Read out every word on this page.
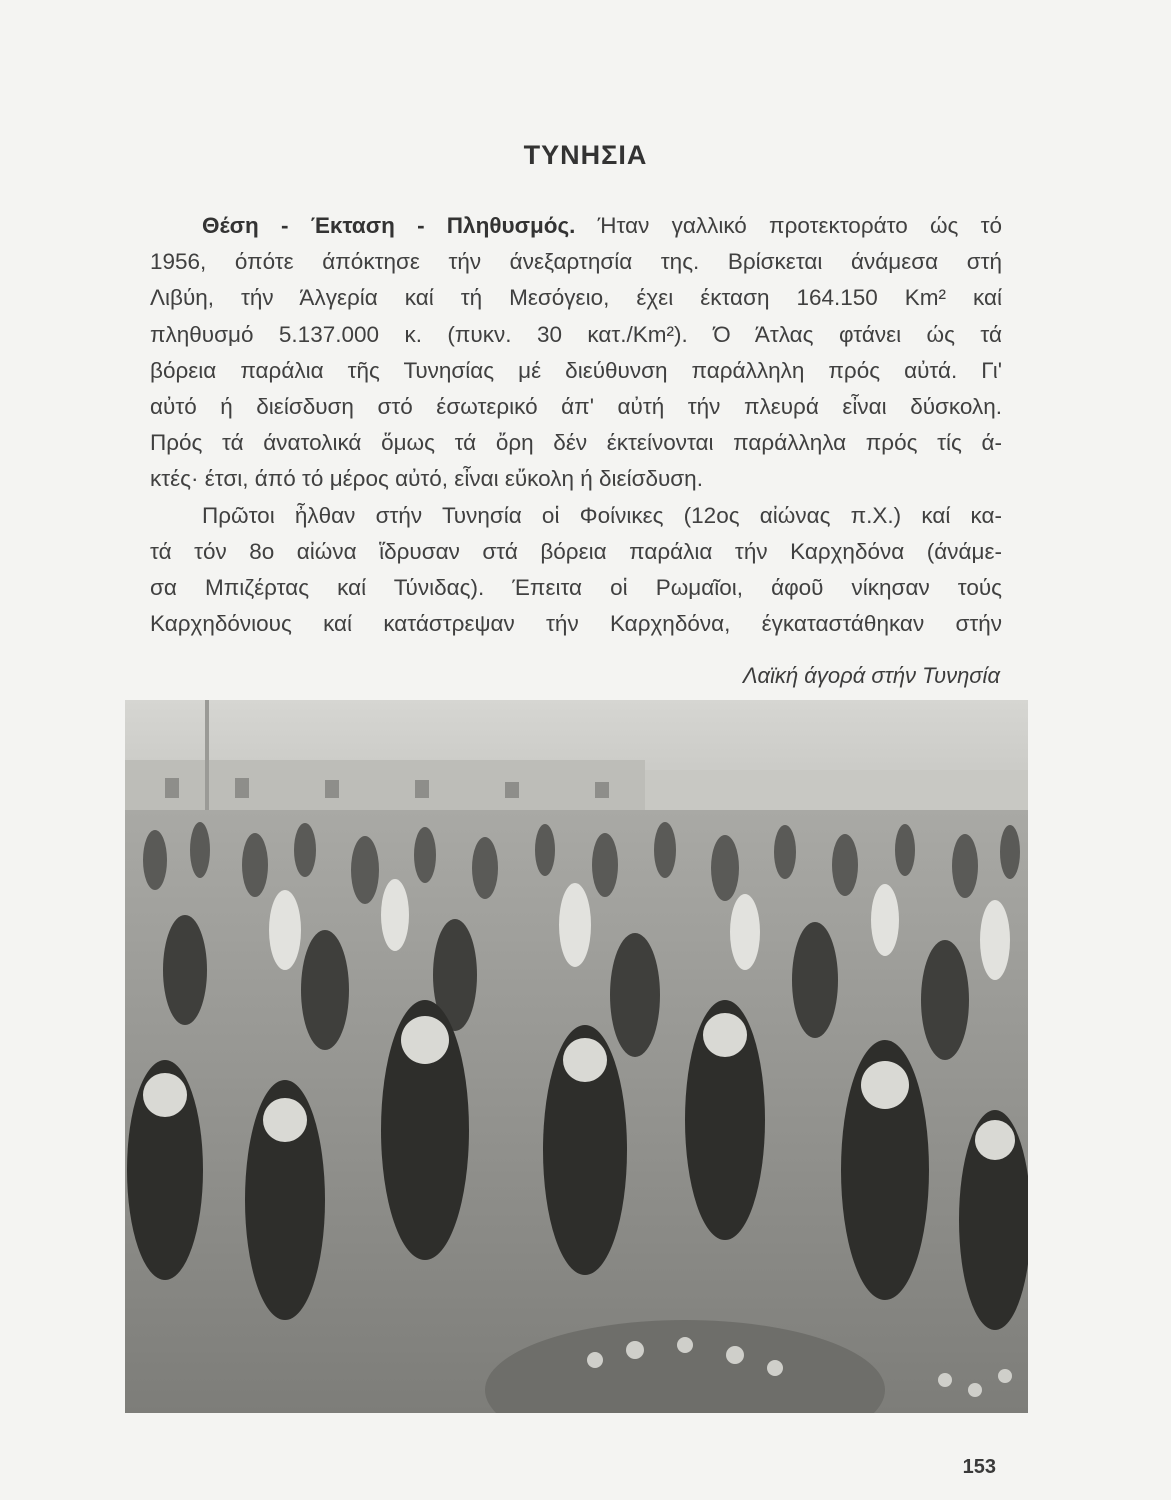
ΤΥΝΗΣΙΑ
Θέση - Έκταση - Πληθυσμός. Ήταν γαλλικό προτεκτοράτο ώς τό
1956, όπότε άπόκτησε τήν άνεξαρτησία της. Βρίσκεται άνάμεσα στή
Λιβύη, τήν Άλγερία καί τή Μεσόγειο, έχει έκταση 164.150 Km² καί
πληθυσμό 5.137.000 κ. (πυκν. 30 κατ./Km²). Ό Άτλας φτάνει ώς τά
βόρεια παράλια τῆς Τυνησίας μέ διεύθυνση παράλληλη πρός αὐτά. Γι'
αὐτό ή διείσδυση στό έσωτερικό άπ' αὐτή τήν πλευρά εἶναι δύσκολη.
Πρός τά άνατολικά ὅμως τά ὄρη δέν έκτείνονται παράλληλα πρός τίς ά-
κτές· έτσι, άπό τό μέρος αὐτό, εἶναι εὔκολη ή διείσδυση.
Πρῶτοι ἦλθαν στήν Τυνησία οἱ Φοίνικες (12ος αἰώνας π.Χ.) καί κα-
τά τόν 8ο αἰώνα ἵδρυσαν στά βόρεια παράλια τήν Καρχηδόνα (άνάμε-
σα Μπιζέρτας καί Τύνιδας). Έπειτα οἱ Ρωμαῖοι, άφοῦ νίκησαν τούς
Καρχηδόνιους καί κατάστρεψαν τήν Καρχηδόνα, έγκαταστάθηκαν στήν
Λαϊκή άγορά στήν Τυνησία
153
